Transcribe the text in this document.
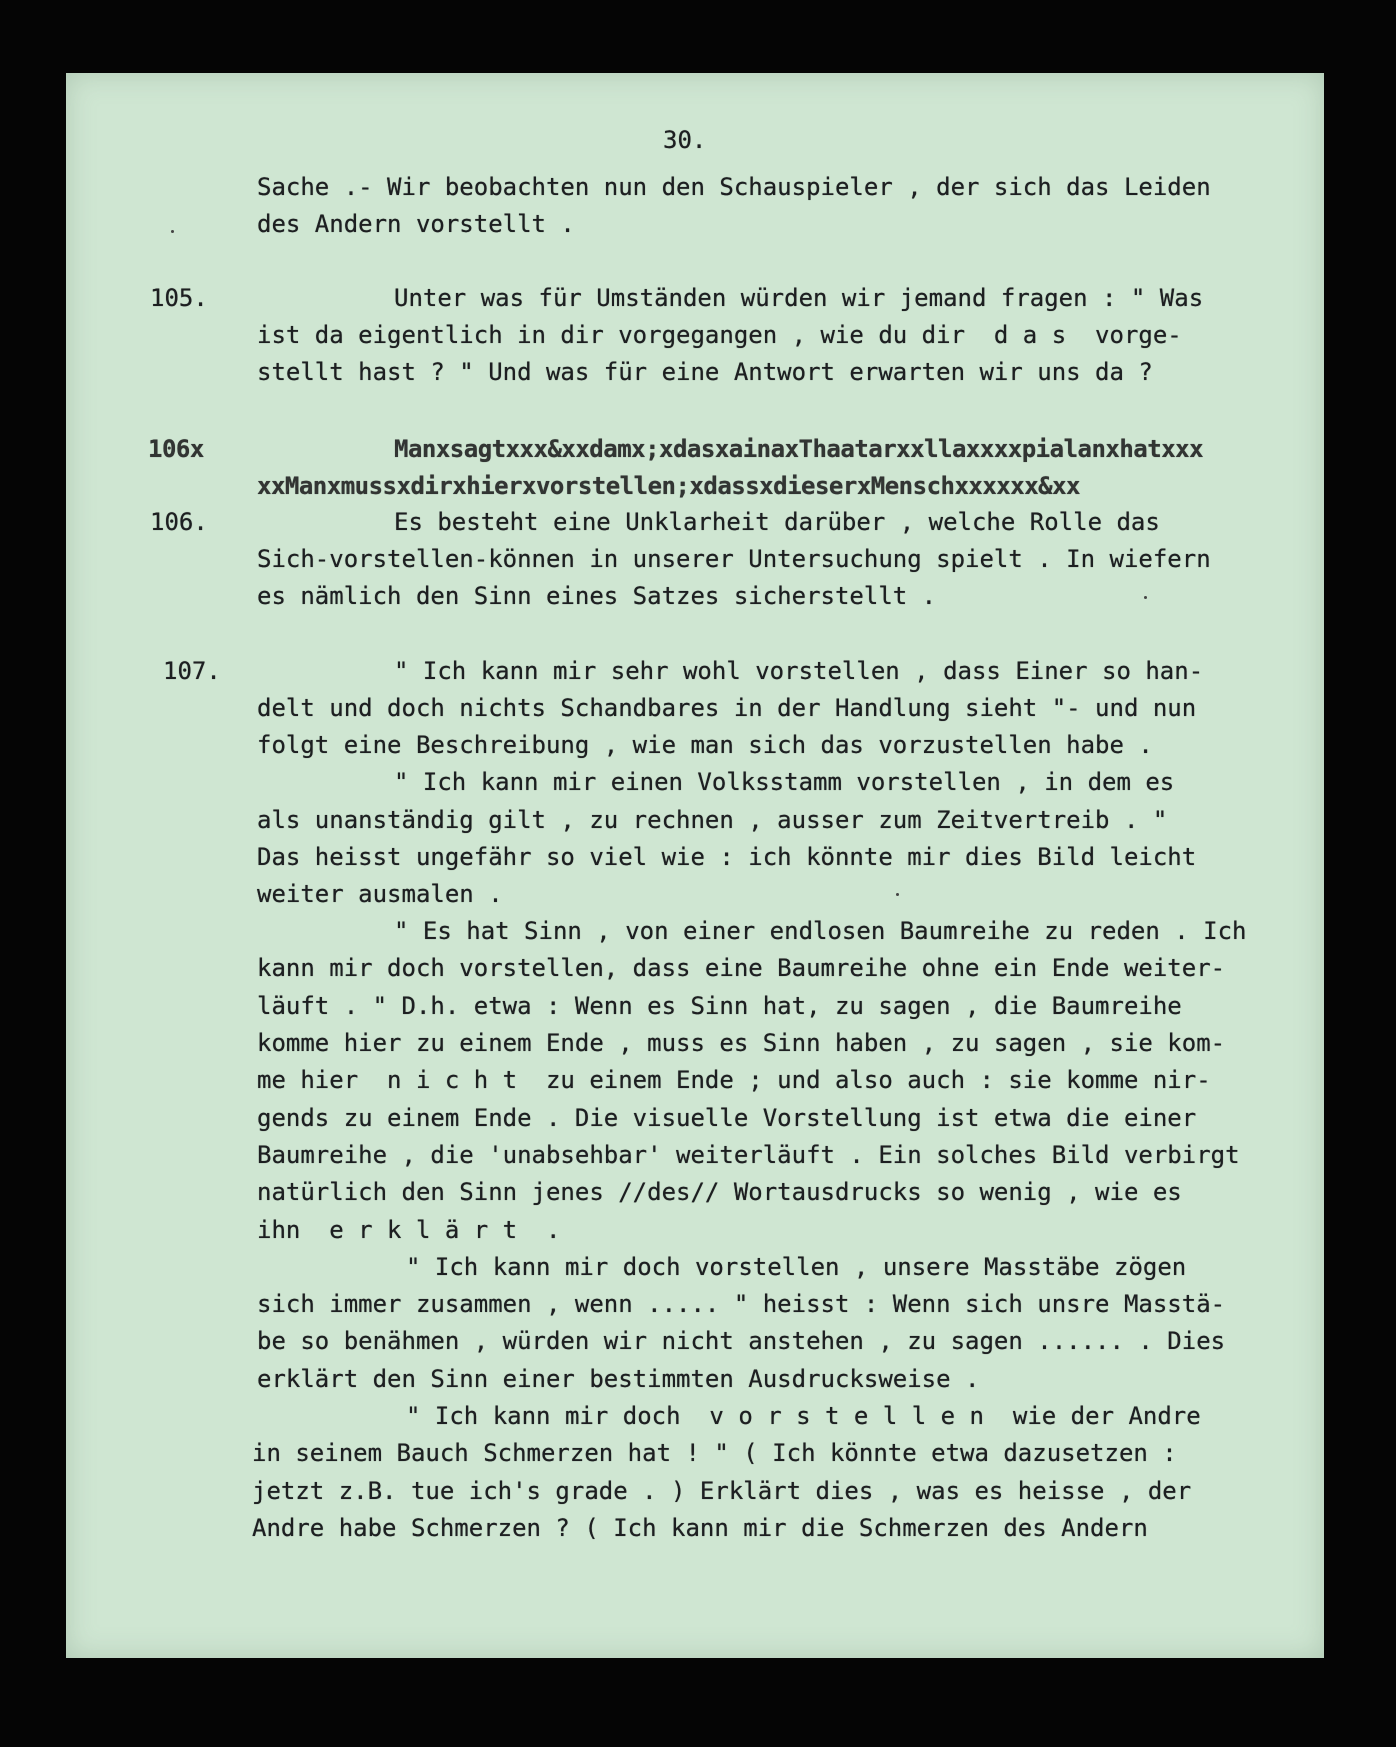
30.
105.
106x
106.
107.
Sache .- Wir beobachten nun den Schauspieler , der sich das Leiden
des Andern vorstellt .
Unter was für Umständen würden wir jemand fragen : " Was
ist da eigentlich in dir vorgegangen , wie du dir  d a s  vorge-
stellt hast ? " Und was für eine Antwort erwarten wir uns da ?
Manxsagtxxx&xxdamx;xdasxainaxThaatarxxllaxxxxpialanxhatxxx
xxManxmussxdirxhierxvorstellen;xdassxdieserxMenschxxxxxx&xx
Es besteht eine Unklarheit darüber , welche Rolle das
Sich-vorstellen-können in unserer Untersuchung spielt . In wiefern
es nämlich den Sinn eines Satzes sicherstellt .
" Ich kann mir sehr wohl vorstellen , dass Einer so han-
delt und doch nichts Schandbares in der Handlung sieht "- und nun
folgt eine Beschreibung , wie man sich das vorzustellen habe .
" Ich kann mir einen Volksstamm vorstellen , in dem es
als unanständig gilt , zu rechnen , ausser zum Zeitvertreib . "
Das heisst ungefähr so viel wie : ich könnte mir dies Bild leicht
weiter ausmalen .
" Es hat Sinn , von einer endlosen Baumreihe zu reden . Ich
kann mir doch vorstellen, dass eine Baumreihe ohne ein Ende weiter-
läuft . " D.h. etwa : Wenn es Sinn hat, zu sagen , die Baumreihe
komme hier zu einem Ende , muss es Sinn haben , zu sagen , sie kom-
me hier  n i c h t  zu einem Ende ; und also auch : sie komme nir-
gends zu einem Ende . Die visuelle Vorstellung ist etwa die einer
Baumreihe , die 'unabsehbar' weiterläuft . Ein solches Bild verbirgt
natürlich den Sinn jenes //des// Wortausdrucks so wenig , wie es
ihn  e r k l ä r t  .
" Ich kann mir doch vorstellen , unsere Masstäbe zögen
sich immer zusammen , wenn ..... " heisst : Wenn sich unsre Masstä-
be so benähmen , würden wir nicht anstehen , zu sagen ...... . Dies
erklärt den Sinn einer bestimmten Ausdrucksweise .
" Ich kann mir doch  v o r s t e l l e n  wie der Andre
in seinem Bauch Schmerzen hat ! " ( Ich könnte etwa dazusetzen :
jetzt z.B. tue ich's grade . ) Erklärt dies , was es heisse , der
Andre habe Schmerzen ? ( Ich kann mir die Schmerzen des Andern
